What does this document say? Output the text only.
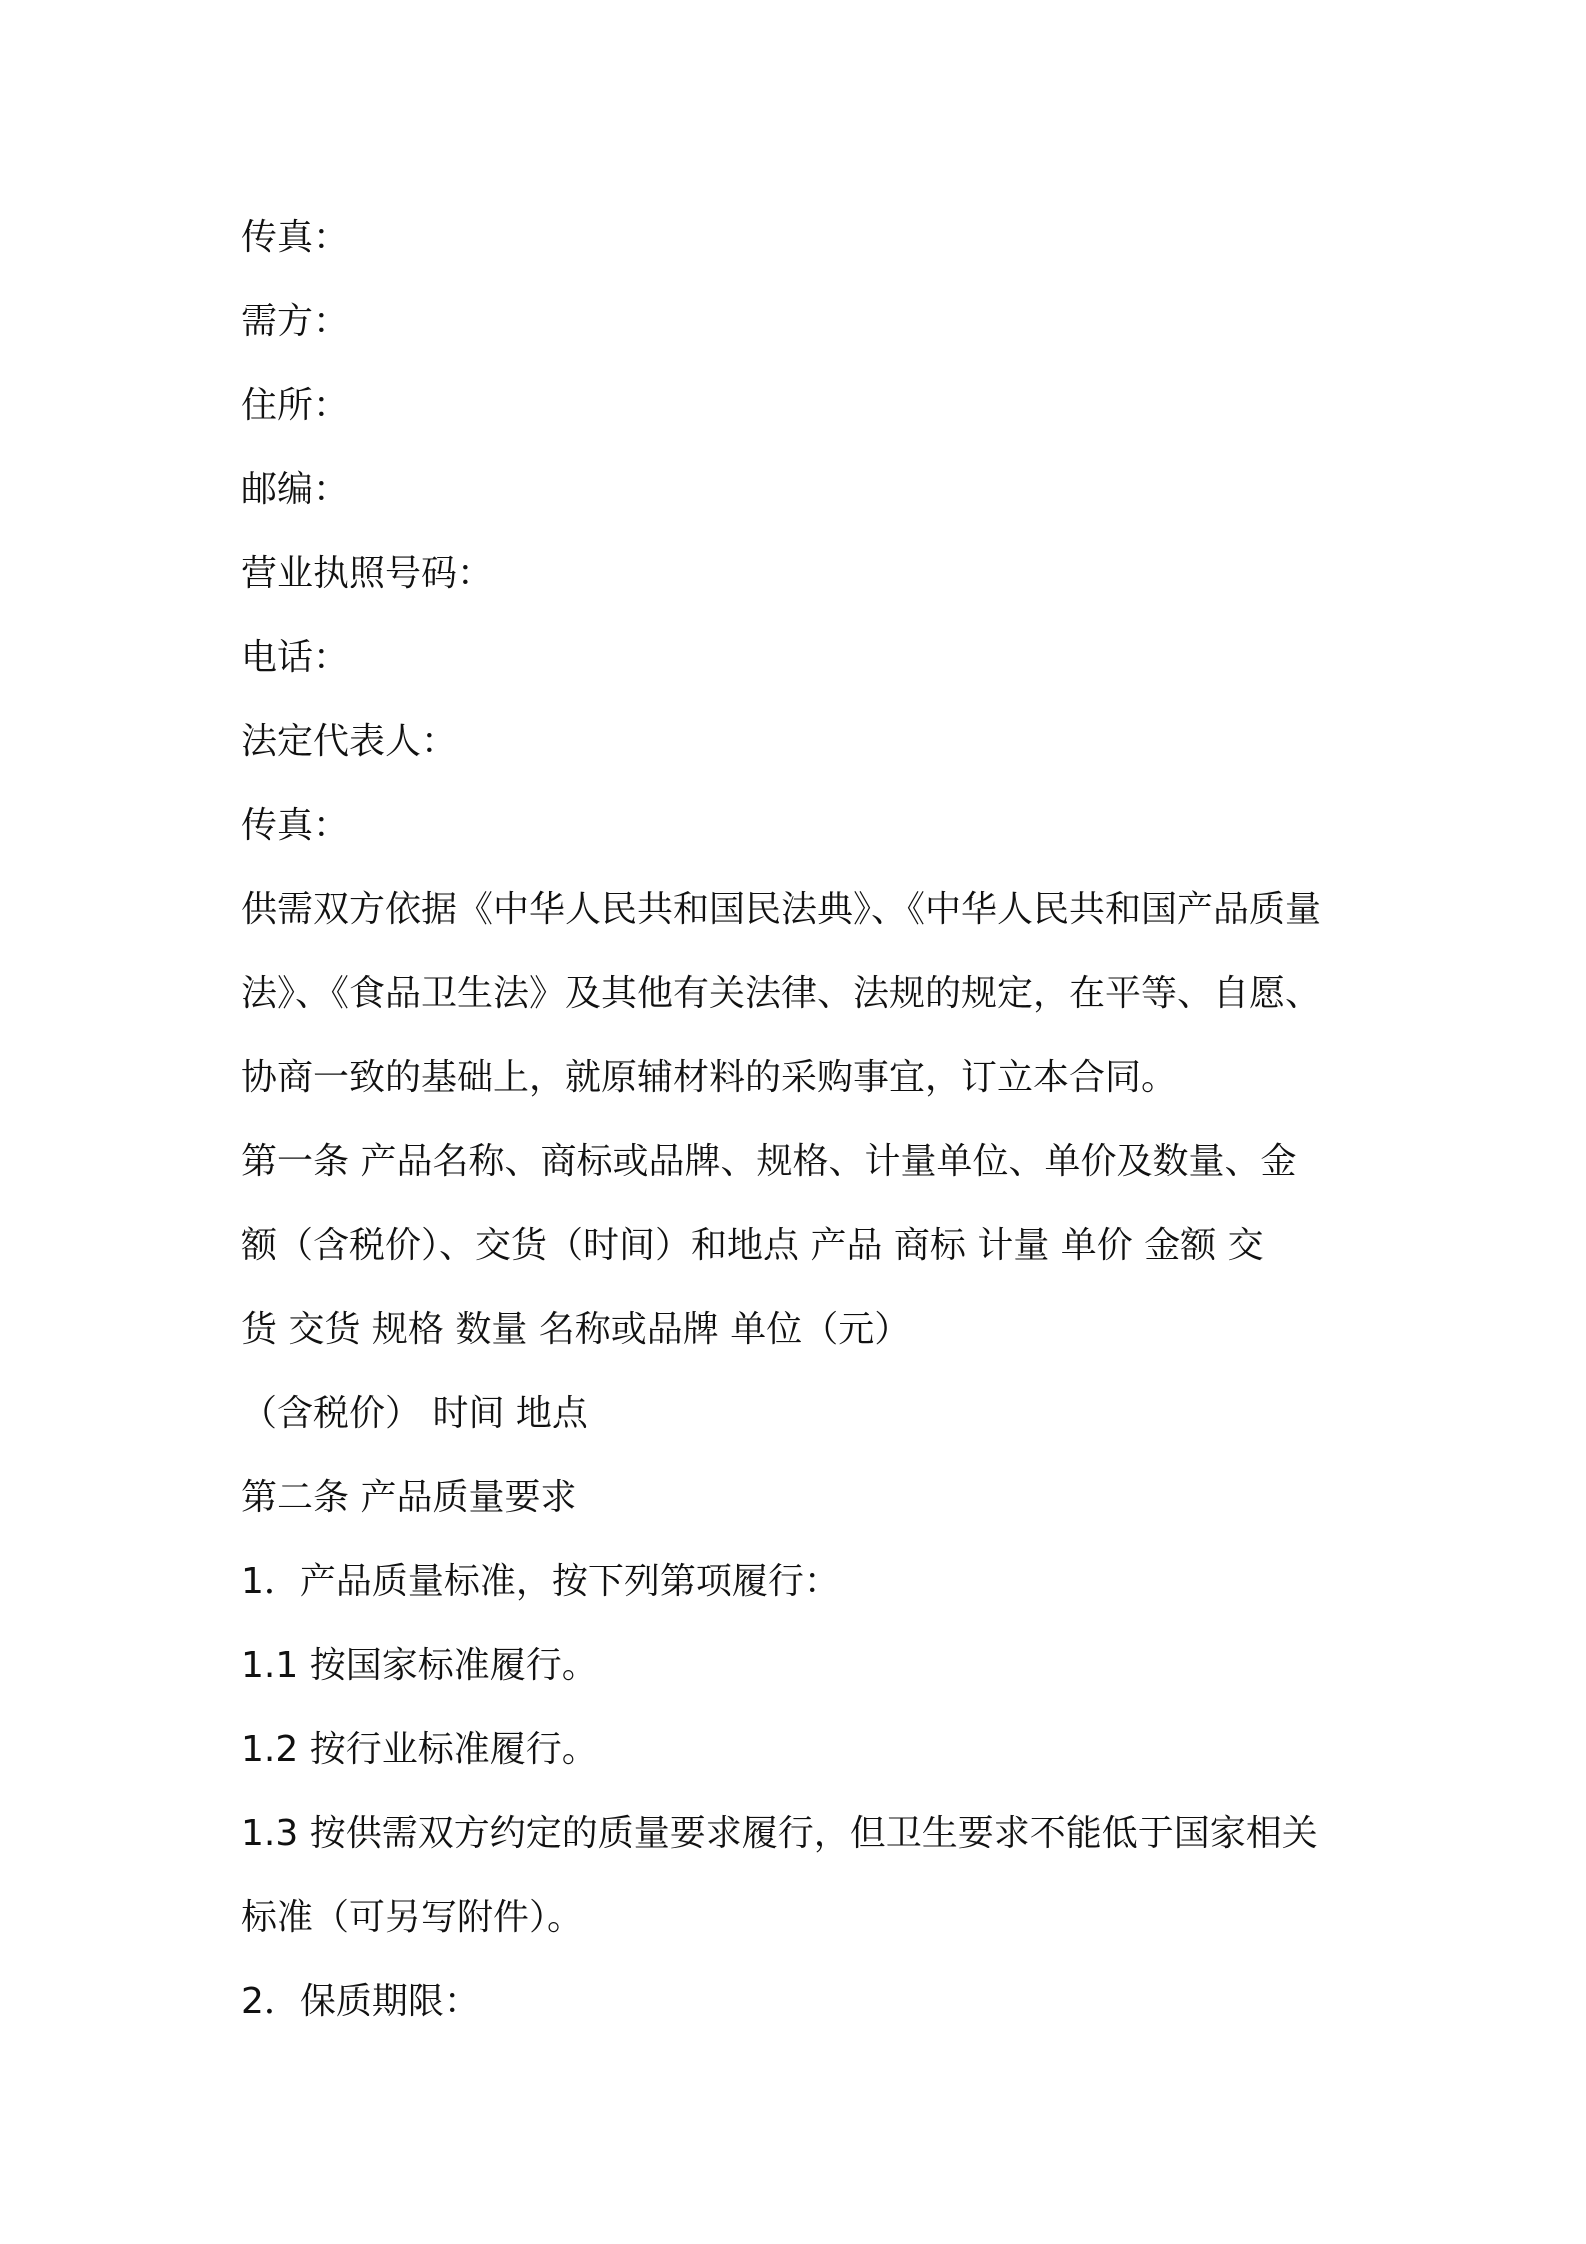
传真：
需方：
住所：
邮编：
营业执照号码：
电话：
法定代表人：
传真：
供需双方依据《中华人民共和国民法典》、《中华人民共和国产品质量
法》、《食品卫生法》及其他有关法律、法规的规定，在平等、自愿、
协商一致的基础上，就原辅材料的采购事宜，订立本合同。
第一条 产品名称、商标或品牌、规格、计量单位、单价及数量、金
额（含税价）、交货（时间）和地点 产品 商标 计量 单价 金额 交
货 交货 规格 数量 名称或品牌 单位（元）
（含税价） 时间 地点
第二条 产品质量要求
1．产品质量标准，按下列第项履行：
1.1 按国家标准履行。
1.2 按行业标准履行。
1.3 按供需双方约定的质量要求履行，但卫生要求不能低于国家相关
标准（可另写附件）。
2．保质期限：
